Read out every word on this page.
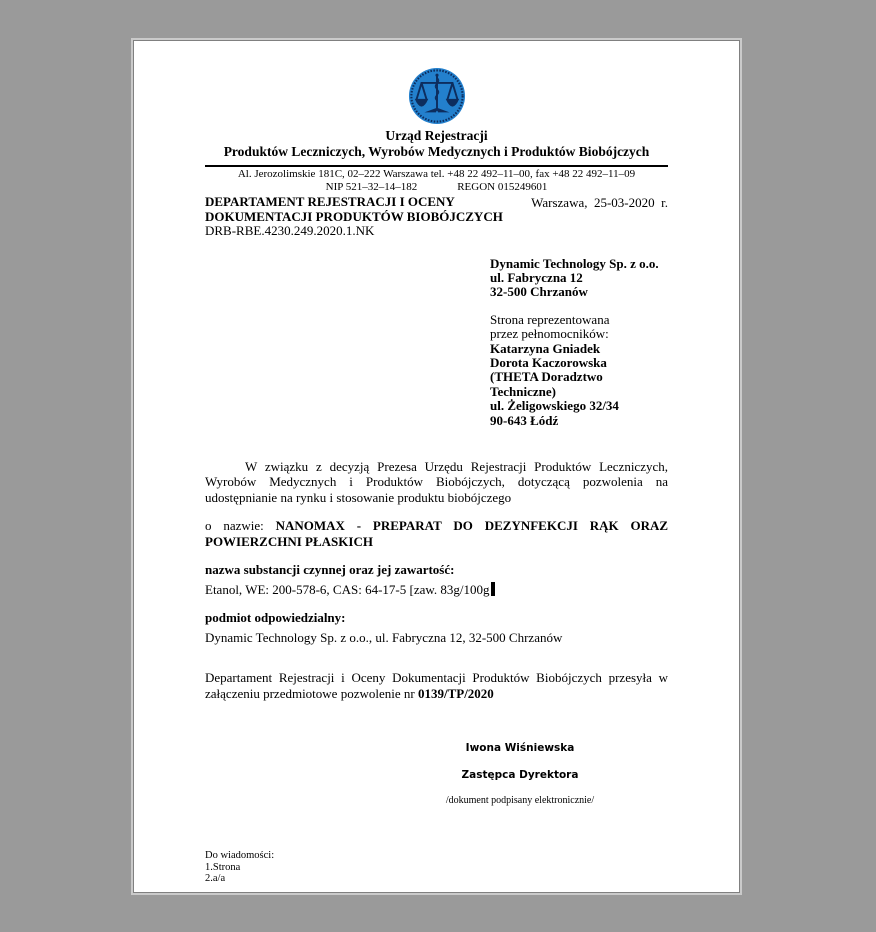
Urząd Rejestracji
Produktów Leczniczych, Wyrobów Medycznych i Produktów Biobójczych
Al. Jerozolimskie 181C, 02–222 Warszawa tel. +48 22 492–11–00, fax +48 22 492–11–09
NIP 521–32–14–182	REGON 015249601
Warszawa,  25-03-2020  r.
DEPARTAMENT REJESTRACJI I OCENY
DOKUMENTACJI PRODUKTÓW BIOBÓJCZYCH
DRB-RBE.4230.249.2020.1.NK
Dynamic Technology Sp. z o.o.
ul. Fabryczna 12
32-500 Chrzanów
Strona reprezentowana
przez pełnomocników:
Katarzyna Gniadek
Dorota Kaczorowska
(THETA Doradztwo
Techniczne)
ul. Żeligowskiego 32/34
90-643 Łódź

W związku z decyzją Prezesa Urzędu Rejestracji Produktów Leczniczych, Wyrobów Medycznych i Produktów Biobójczych, dotyczącą pozwolenia na udostępnianie na rynku i stosowanie produktu biobójczego

o nazwie: NANOMAX - PREPARAT DO DEZYNFEKCJI RĄK ORAZ POWIERZCHNI PŁASKICH

nazwa substancji czynnej oraz jej zawartość:
Etanol, WE: 200-578-6, CAS: 64-17-5 [zaw. 83g/100g
podmiot odpowiedzialny:
Dynamic Technology Sp. z o.o., ul. Fabryczna 12, 32-500 Chrzanów

Departament Rejestracji i Oceny Dokumentacji Produktów Biobójczych przesyła w załączeniu przedmiotowe pozwolenie nr 0139/TP/2020

Iwona Wiśniewska
Zastępca Dyrektora
/dokument podpisany elektronicznie/
Do wiadomości:
1.Strona
2.a/a
